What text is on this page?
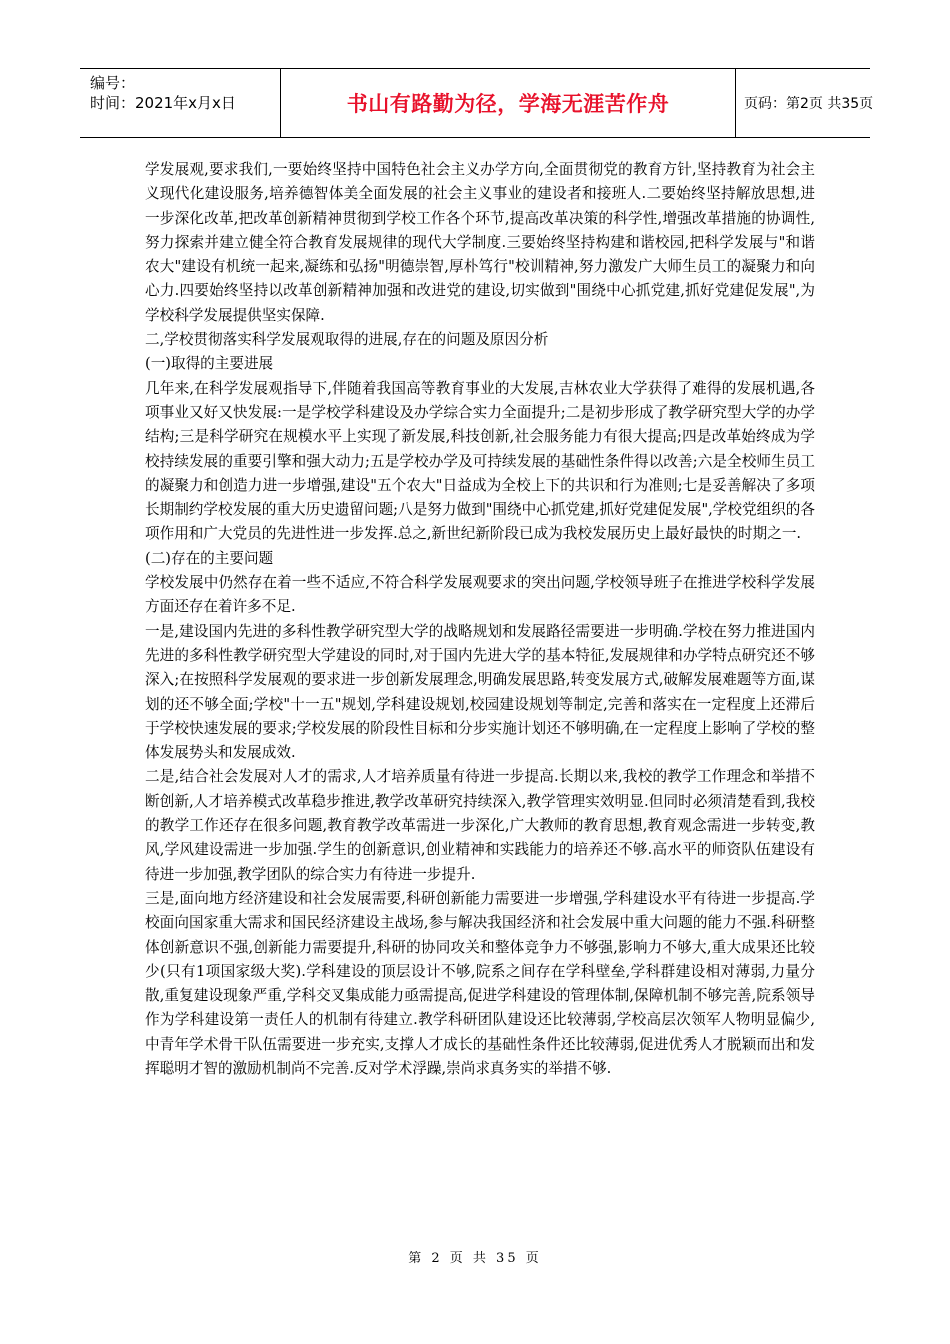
编号：
时间：2021年x月x日	书山有路勤为径，学海无涯苦作舟	页码：第2页 共35页

学发展观,要求我们,一要始终坚持中国特色社会主义办学方向,全面贯彻党的教育方针,坚持教育为社会主义现代化建设服务,培养德智体美全面发展的社会主义事业的建设者和接班人.二要始终坚持解放思想,进一步深化改革,把改革创新精神贯彻到学校工作各个环节,提高改革决策的科学性,增强改革措施的协调性,努力探索并建立健全符合教育发展规律的现代大学制度.三要始终坚持构建和谐校园,把科学发展与"和谐农大"建设有机统一起来,凝练和弘扬"明德崇智,厚朴笃行"校训精神,努力激发广大师生员工的凝聚力和向心力.四要始终坚持以改革创新精神加强和改进党的建设,切实做到"围绕中心抓党建,抓好党建促发展",为学校科学发展提供坚实保障.

二,学校贯彻落实科学发展观取得的进展,存在的问题及原因分析

(一)取得的主要进展

几年来,在科学发展观指导下,伴随着我国高等教育事业的大发展,吉林农业大学获得了难得的发展机遇,各项事业又好又快发展:一是学校学科建设及办学综合实力全面提升;二是初步形成了教学研究型大学的办学结构;三是科学研究在规模水平上实现了新发展,科技创新,社会服务能力有很大提高;四是改革始终成为学校持续发展的重要引擎和强大动力;五是学校办学及可持续发展的基础性条件得以改善;六是全校师生员工的凝聚力和创造力进一步增强,建设"五个农大"日益成为全校上下的共识和行为准则;七是妥善解决了多项长期制约学校发展的重大历史遗留问题;八是努力做到"围绕中心抓党建,抓好党建促发展",学校党组织的各项作用和广大党员的先进性进一步发挥.总之,新世纪新阶段已成为我校发展历史上最好最快的时期之一.

(二)存在的主要问题

学校发展中仍然存在着一些不适应,不符合科学发展观要求的突出问题,学校领导班子在推进学校科学发展方面还存在着许多不足.

一是,建设国内先进的多科性教学研究型大学的战略规划和发展路径需要进一步明确.学校在努力推进国内先进的多科性教学研究型大学建设的同时,对于国内先进大学的基本特征,发展规律和办学特点研究还不够深入;在按照科学发展观的要求进一步创新发展理念,明确发展思路,转变发展方式,破解发展难题等方面,谋划的还不够全面;学校"十一五"规划,学科建设规划,校园建设规划等制定,完善和落实在一定程度上还滞后于学校快速发展的要求;学校发展的阶段性目标和分步实施计划还不够明确,在一定程度上影响了学校的整体发展势头和发展成效.

二是,结合社会发展对人才的需求,人才培养质量有待进一步提高.长期以来,我校的教学工作理念和举措不断创新,人才培养模式改革稳步推进,教学改革研究持续深入,教学管理实效明显.但同时必须清楚看到,我校的教学工作还存在很多问题,教育教学改革需进一步深化,广大教师的教育思想,教育观念需进一步转变,教风,学风建设需进一步加强.学生的创新意识,创业精神和实践能力的培养还不够.高水平的师资队伍建设有待进一步加强,教学团队的综合实力有待进一步提升.

三是,面向地方经济建设和社会发展需要,科研创新能力需要进一步增强,学科建设水平有待进一步提高.学校面向国家重大需求和国民经济建设主战场,参与解决我国经济和社会发展中重大问题的能力不强.科研整体创新意识不强,创新能力需要提升,科研的协同攻关和整体竞争力不够强,影响力不够大,重大成果还比较少(只有1项国家级大奖).学科建设的顶层设计不够,院系之间存在学科壁垒,学科群建设相对薄弱,力量分散,重复建设现象严重,学科交叉集成能力亟需提高,促进学科建设的管理体制,保障机制不够完善,院系领导作为学科建设第一责任人的机制有待建立.教学科研团队建设还比较薄弱,学校高层次领军人物明显偏少,中青年学术骨干队伍需要进一步充实,支撑人才成长的基础性条件还比较薄弱,促进优秀人才脱颖而出和发挥聪明才智的激励机制尚不完善.反对学术浮躁,崇尚求真务实的举措不够.

第 2 页 共 35 页
